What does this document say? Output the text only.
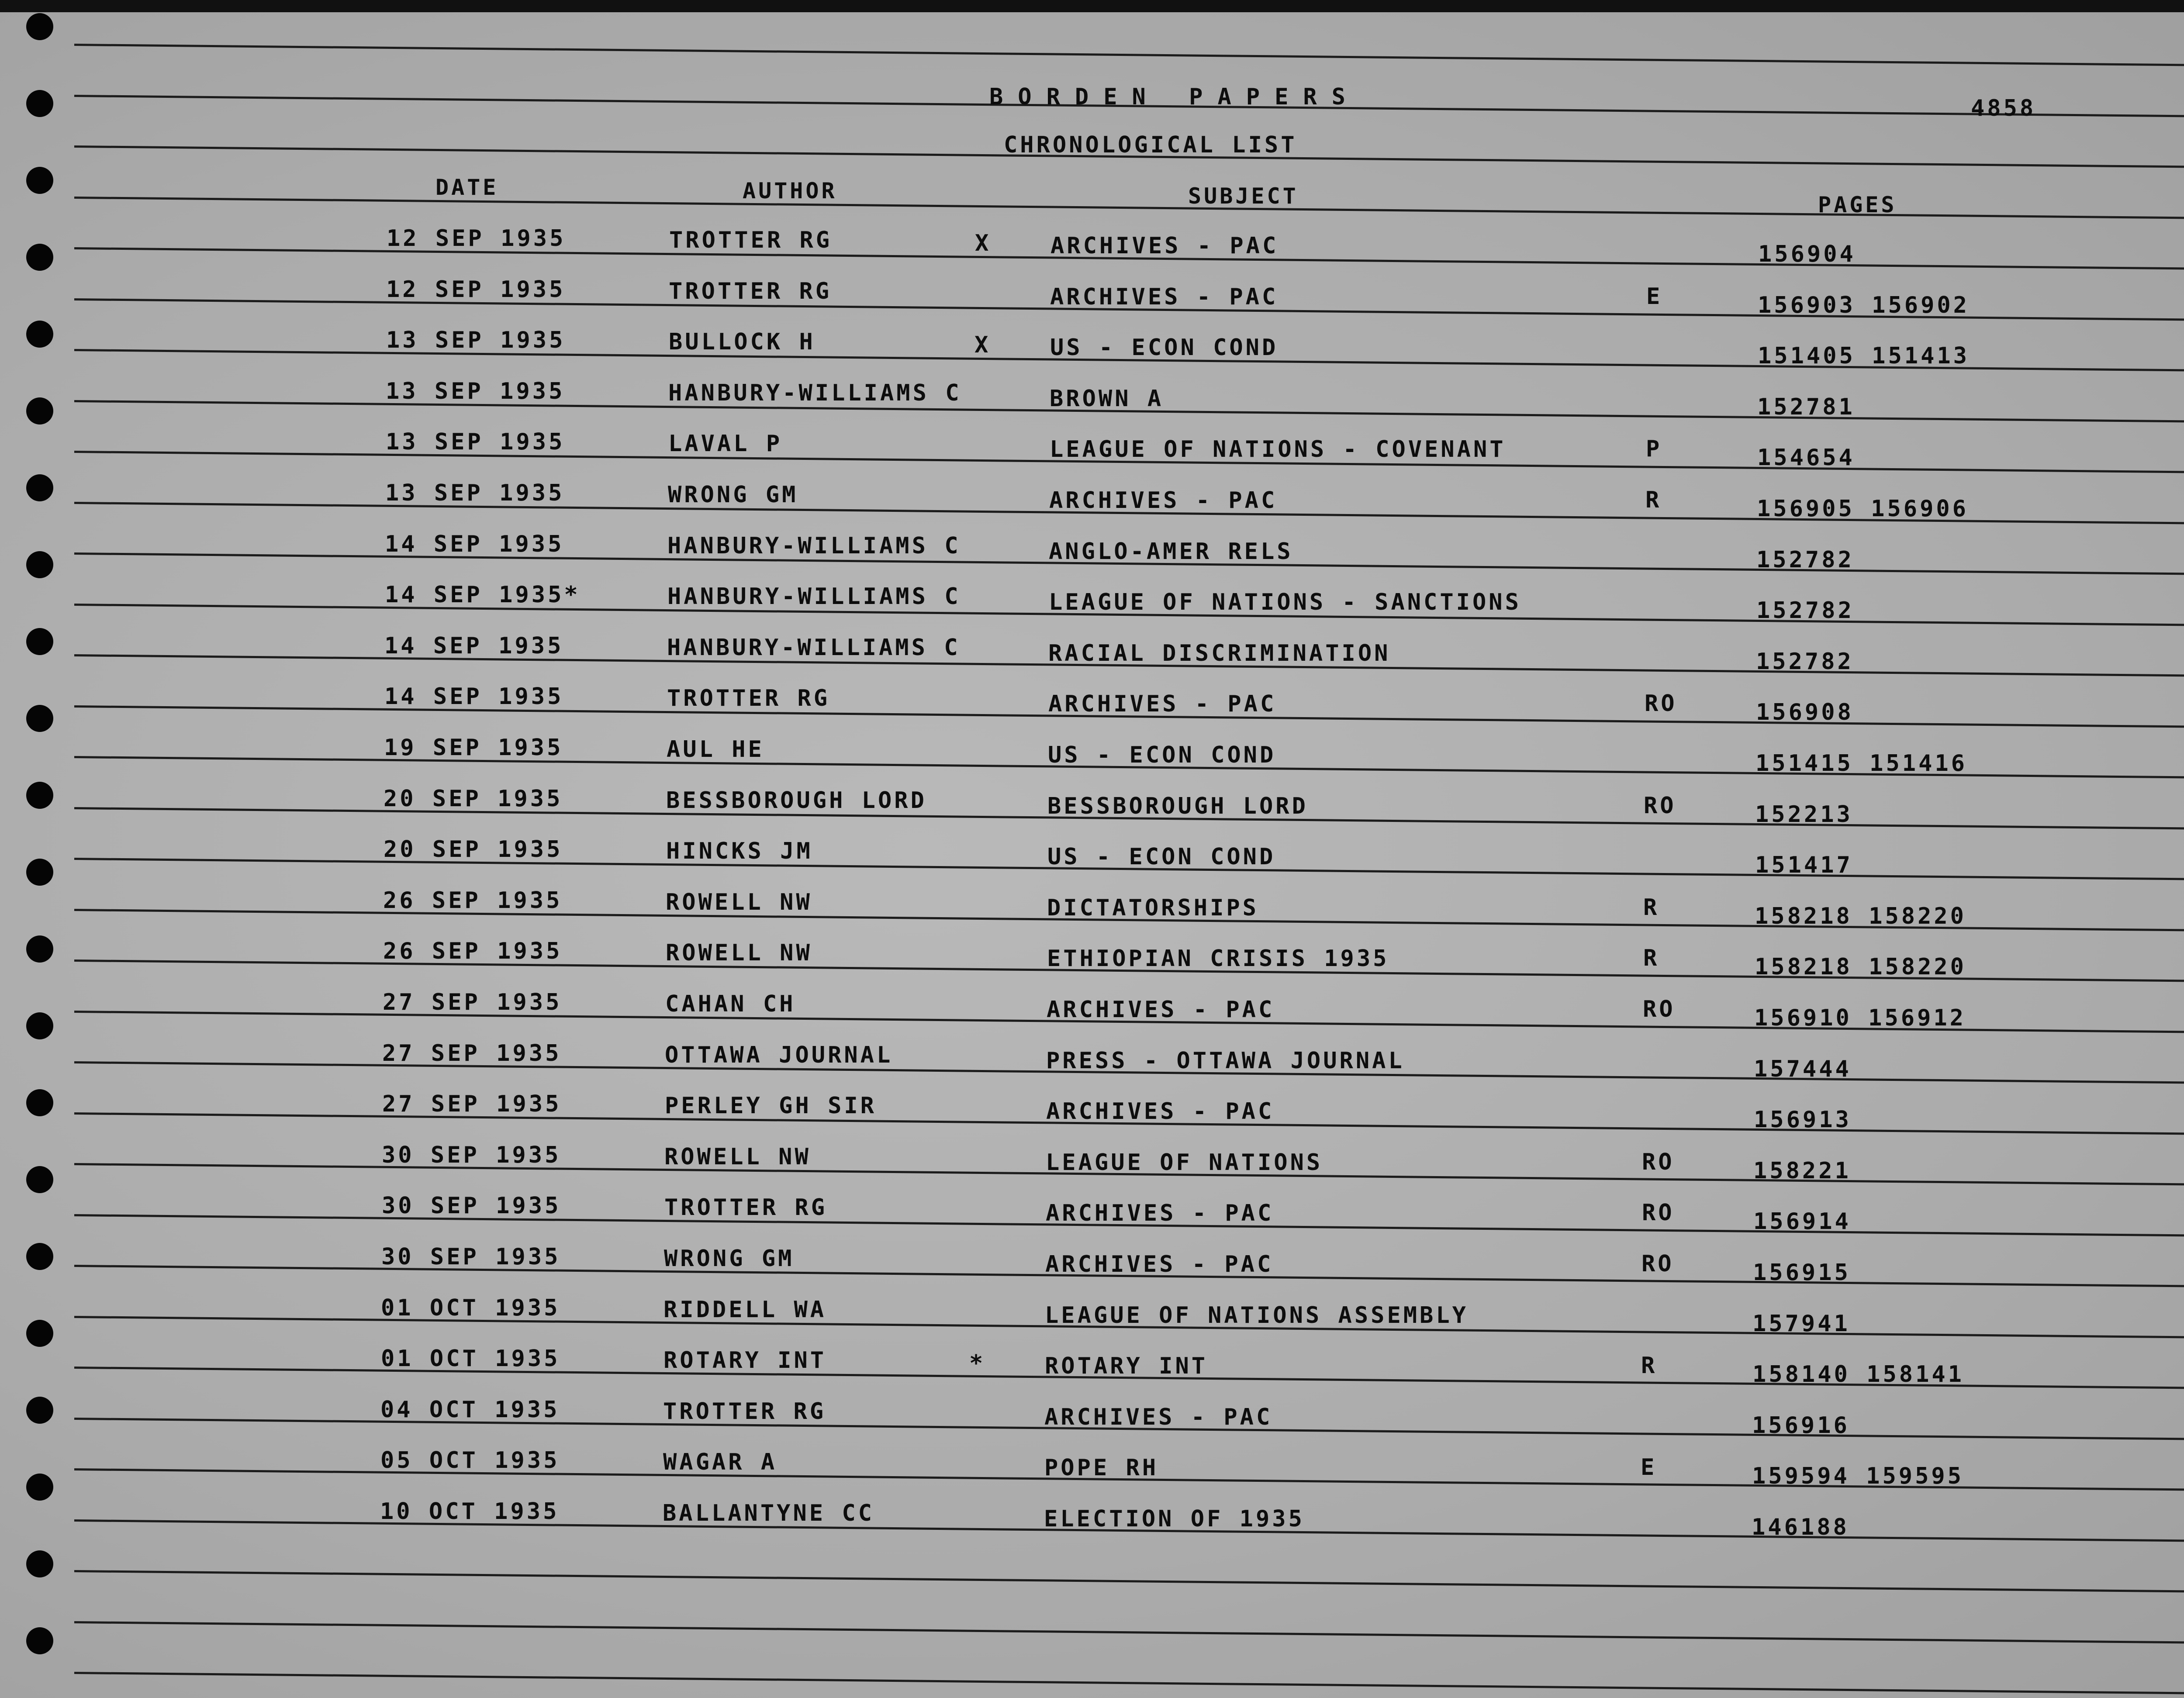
BORDEN PAPERS	4858
CHRONOLOGICAL LIST
DATE	AUTHOR	SUBJECT	PAGES
12 SEP 1935	TROTTER RG	X	ARCHIVES - PAC	156904
12 SEP 1935	TROTTER RG	ARCHIVES - PAC	E	156903 156902
13 SEP 1935	BULLOCK H	X	US - ECON COND	151405 151413
13 SEP 1935	HANBURY-WILLIAMS C	BROWN A	152781
13 SEP 1935	LAVAL P	LEAGUE OF NATIONS - COVENANT	P	154654
13 SEP 1935	WRONG GM	ARCHIVES - PAC	R	156905 156906
14 SEP 1935	HANBURY-WILLIAMS C	ANGLO-AMER RELS	152782
14 SEP 1935*	HANBURY-WILLIAMS C	LEAGUE OF NATIONS - SANCTIONS	152782
14 SEP 1935	HANBURY-WILLIAMS C	RACIAL DISCRIMINATION	152782
14 SEP 1935	TROTTER RG	ARCHIVES - PAC	RO	156908
19 SEP 1935	AUL HE	US - ECON COND	151415 151416
20 SEP 1935	BESSBOROUGH LORD	BESSBOROUGH LORD	RO	152213
20 SEP 1935	HINCKS JM	US - ECON COND	151417
26 SEP 1935	ROWELL NW	DICTATORSHIPS	R	158218 158220
26 SEP 1935	ROWELL NW	ETHIOPIAN CRISIS 1935	R	158218 158220
27 SEP 1935	CAHAN CH	ARCHIVES - PAC	RO	156910 156912
27 SEP 1935	OTTAWA JOURNAL	PRESS - OTTAWA JOURNAL	157444
27 SEP 1935	PERLEY GH SIR	ARCHIVES - PAC	156913
30 SEP 1935	ROWELL NW	LEAGUE OF NATIONS	RO	158221
30 SEP 1935	TROTTER RG	ARCHIVES - PAC	RO	156914
30 SEP 1935	WRONG GM	ARCHIVES - PAC	RO	156915
01 OCT 1935	RIDDELL WA	LEAGUE OF NATIONS ASSEMBLY	157941
01 OCT 1935	ROTARY INT	*	ROTARY INT	R	158140 158141
04 OCT 1935	TROTTER RG	ARCHIVES - PAC	156916
05 OCT 1935	WAGAR A	POPE RH	E	159594 159595
10 OCT 1935	BALLANTYNE CC	ELECTION OF 1935	146188
